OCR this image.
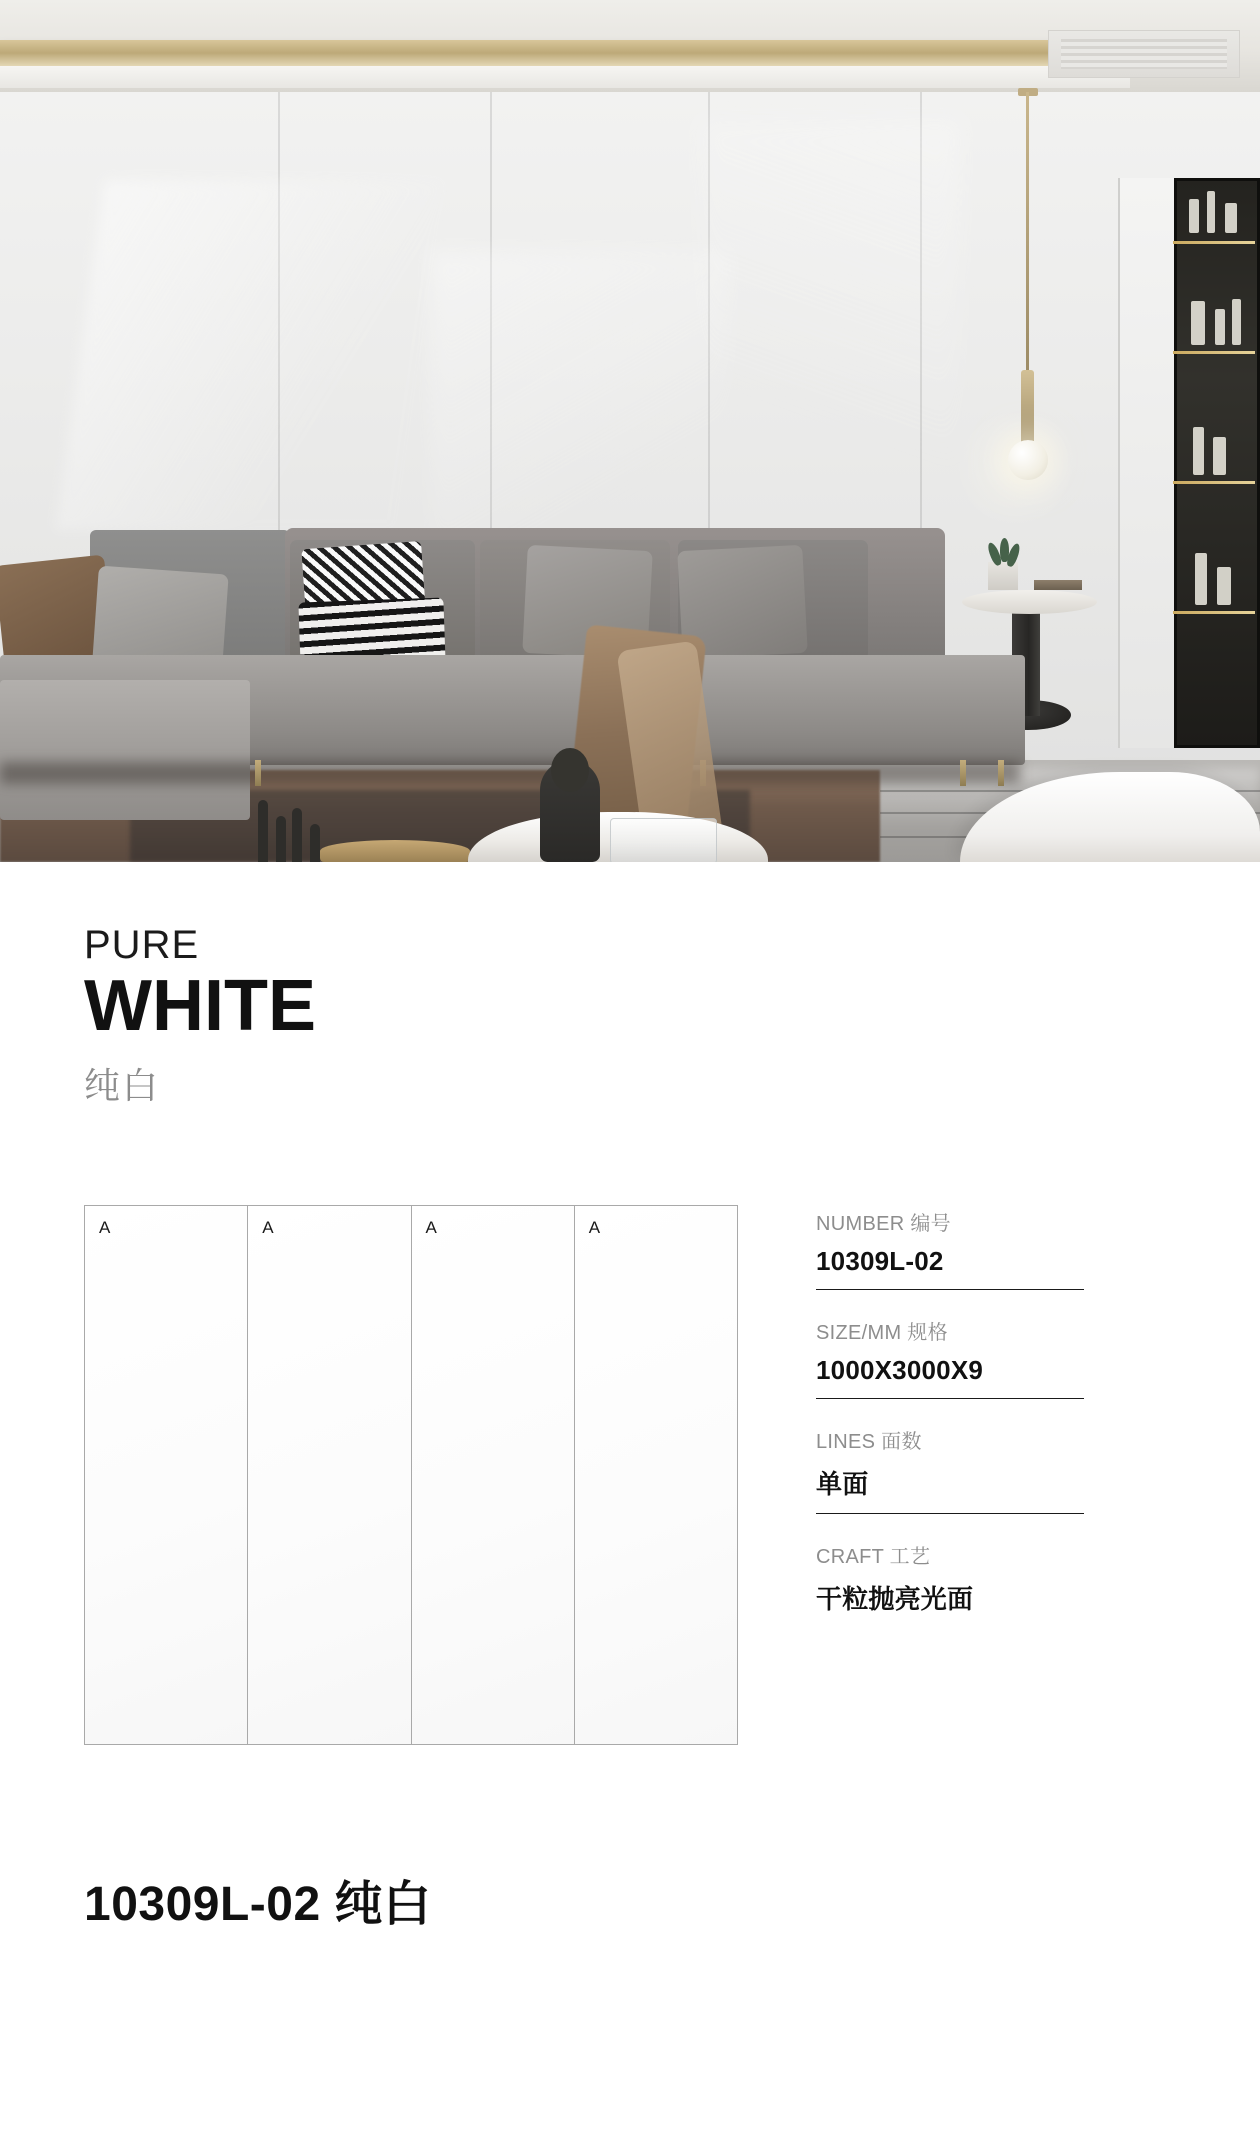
PURE
WHITE
纯白
A	A	A	A	NUMBER 编号
10309L-02
SIZE/MM 规格
1000X3000X9
LINES 面数
单面
CRAFT 工艺
干粒抛亮光面
10309L-02 纯白
